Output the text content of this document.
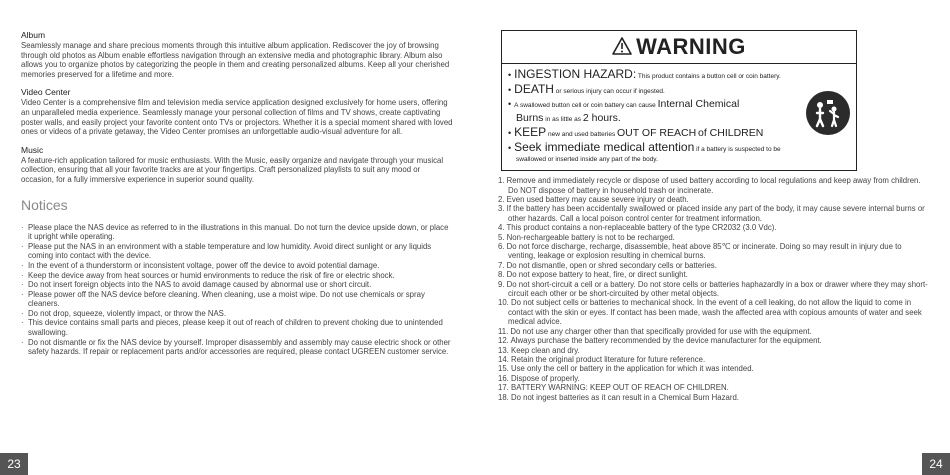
Album

Seamlessly manage and share precious moments through this intuitive album application. Rediscover the joy of browsing through old photos as Album enable effortless navigation through an extensive media and photographic library. Album also allows you to organize photos by categorizing the people in them and creating personalized albums. Keep all your cherished memories preserved for a lifetime and more.

Video Center

Video Center is a comprehensive film and television media service application designed exclusively for home users, offering an unparalleled media experience. Seamlessly manage your personal collection of films and TV shows, create captivating poster walls, and easily project your favorite content onto TVs or projectors. Whether it is a special moment shared with loved ones or videos of a private getaway, the Video Center promises an unforgettable audio-visual adventure for all.

Music

A feature-rich application tailored for music enthusiasts. With the Music, easily organize and navigate through your musical collection, ensuring that all your favorite tracks are at your fingertips. Craft personalized playlists to suit any mood or occasion, for a fully immersive experience in superior sound quality.

Notices
· Please place the NAS device as referred to in the illustrations in this manual. Do not turn the device upside down, or place it upright while operating.
· Please put the NAS in an environment with a stable temperature and low humidity. Avoid direct sunlight or any liquids coming into contact with the device.
· In the event of a thunderstorm or inconsistent voltage, power off the device to avoid potential damage.
· Keep the device away from heat sources or humid environments to reduce the risk of fire or electric shock.
· Do not insert foreign objects into the NAS to avoid damage caused by abnormal use or short circuit.
· Please power off the NAS device before cleaning. When cleaning, use a moist wipe. Do not use chemicals or spray cleaners.
· Do not drop, squeeze, violently impact, or throw the NAS.
· This device contains small parts and pieces, please keep it out of reach of children to prevent choking due to unintended swallowing.
· Do not dismantle or fix the NAS device by yourself. Improper disassembly and assembly may cause electric shock or other safety hazards. If repair or replacement parts and/or accessories are required, please contact UGREEN customer service.
23
WARNING

• INGESTION HAZARD: This product contains a button cell or coin battery.

• DEATH or serious injury can occur if ingested.

• A swallowed button cell or coin battery can cause Internal Chemical

Burns in as little as 2 hours.

• KEEP new and used batteries OUT OF REACH of CHILDREN

• Seek immediate medical attention if a battery is suspected to be

swallowed or inserted inside any part of the body.

1. Remove and immediately recycle or dispose of used battery according to local regulations and keep away from children. Do NOT dispose of battery in household trash or incinerate.
2. Even used battery may cause severe injury or death.
3. If the battery has been accidentally swallowed or placed inside any part of the body, it may cause severe internal burns or other hazards. Call a local poison control center for treatment information.
4. This product contains a non-replaceable battery of the type CR2032 (3.0 Vdc).
5. Non-rechargeable battery is not to be recharged.
6. Do not force discharge, recharge, disassemble, heat above 85℃ or incinerate. Doing so may result in injury due to venting, leakage or explosion resulting in chemical burns.
7. Do not dismantle, open or shred secondary cells or batteries.
8. Do not expose battery to heat, fire, or direct sunlight.
9. Do not short-circuit a cell or a battery. Do not store cells or batteries haphazardly in a box or drawer where they may short-circuit each other or be short-circuited by other metal objects.
10. Do not subject cells or batteries to mechanical shock. In the event of a cell leaking, do not allow the liquid to come in contact with the skin or eyes. If contact has been made, wash the affected area with copious amounts of water and seek medical advice.
11. Do not use any charger other than that specifically provided for use with the equipment.
12. Always purchase the battery recommended by the device manufacturer for the equipment.
13. Keep clean and dry.
14. Retain the original product literature for future reference.
15. Use only the cell or battery in the application for which it was intended.
16. Dispose of properly.
17. BATTERY WARNING: KEEP OUT OF REACH OF CHILDREN.
18. Do not ingest batteries as it can result in a Chemical Burn Hazard.
24
